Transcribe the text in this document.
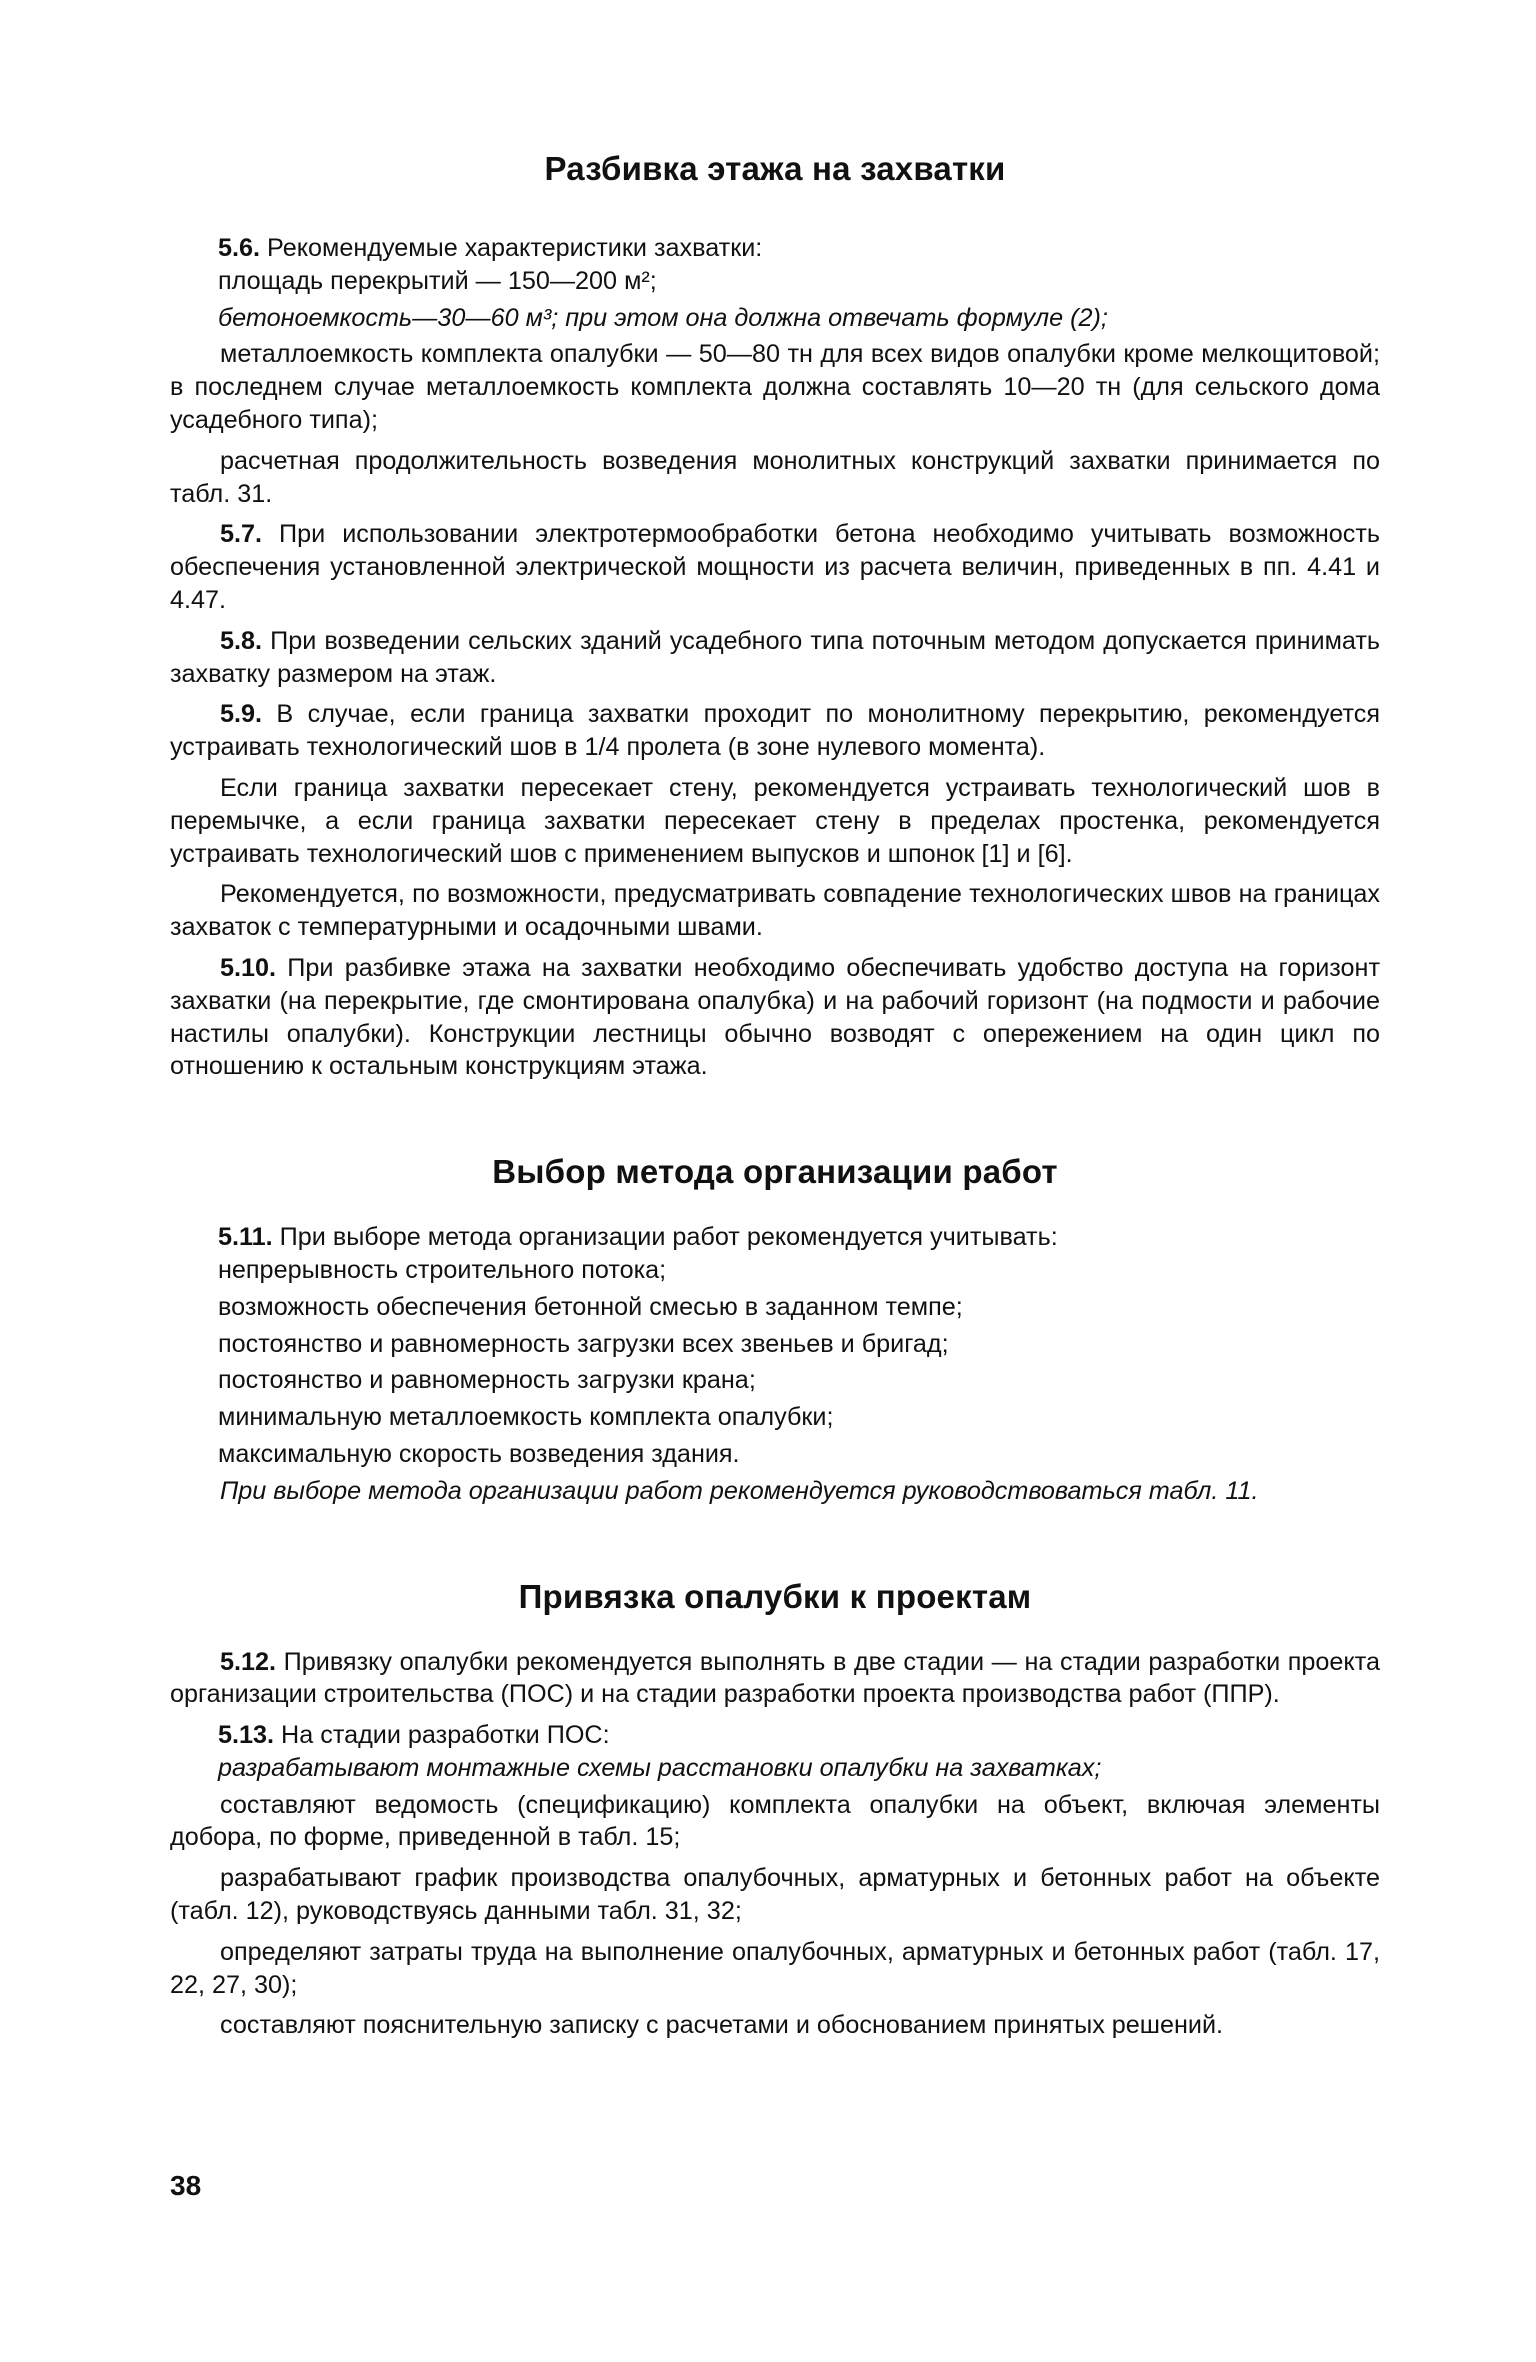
Разбивка этажа на захватки

5.6. Рекомендуемые характеристики захватки:

площадь перекрытий — 150—200 м²;

бетоноемкость—30—60 м³; при этом она должна отвечать формуле (2);

металлоемкость комплекта опалубки — 50—80 тн для всех видов опалубки кроме мелкощитовой; в последнем случае металлоемкость комплекта должна составлять 10—20 тн (для сельского дома усадебного типа);

расчетная продолжительность возведения монолитных конструкций захватки принимается по табл. 31.

5.7. При использовании электротермообработки бетона необходимо учитывать возможность обеспечения установленной электрической мощности из расчета величин, приведенных в пп. 4.41 и 4.47.

5.8. При возведении сельских зданий усадебного типа поточным методом допускается принимать захватку размером на этаж.

5.9. В случае, если граница захватки проходит по монолитному перекрытию, рекомендуется устраивать технологический шов в 1/4 пролета (в зоне нулевого момента).

Если граница захватки пересекает стену, рекомендуется устраивать технологический шов в перемычке, а если граница захватки пересекает стену в пределах простенка, рекомендуется устраивать технологический шов с применением выпусков и шпонок [1] и [6].

Рекомендуется, по возможности, предусматривать совпадение технологических швов на границах захваток с температурными и осадочными швами.

5.10. При разбивке этажа на захватки необходимо обеспечивать удобство доступа на горизонт захватки (на перекрытие, где смонтирована опалубка) и на рабочий горизонт (на подмости и рабочие настилы опалубки). Конструкции лестницы обычно возводят с опережением на один цикл по отношению к остальным конструкциям этажа.

Выбор метода организации работ

5.11. При выборе метода организации работ рекомендуется учитывать:

непрерывность строительного потока;

возможность обеспечения бетонной смесью в заданном темпе;

постоянство и равномерность загрузки всех звеньев и бригад;

постоянство и равномерность загрузки крана;

минимальную металлоемкость комплекта опалубки;

максимальную скорость возведения здания.

При выборе метода организации работ рекомендуется руководствоваться табл. 11.

Привязка опалубки к проектам

5.12. Привязку опалубки рекомендуется выполнять в две стадии — на стадии разработки проекта организации строительства (ПОС) и на стадии разработки проекта производства работ (ППР).

5.13. На стадии разработки ПОС:

разрабатывают монтажные схемы расстановки опалубки на захватках;

составляют ведомость (спецификацию) комплекта опалубки на объект, включая элементы добора, по форме, приведенной в табл. 15;

разрабатывают график производства опалубочных, арматурных и бетонных работ на объекте (табл. 12), руководствуясь данными табл. 31, 32;

определяют затраты труда на выполнение опалубочных, арматурных и бетонных работ (табл. 17, 22, 27, 30);

составляют пояснительную записку с расчетами и обоснованием принятых решений.

38
